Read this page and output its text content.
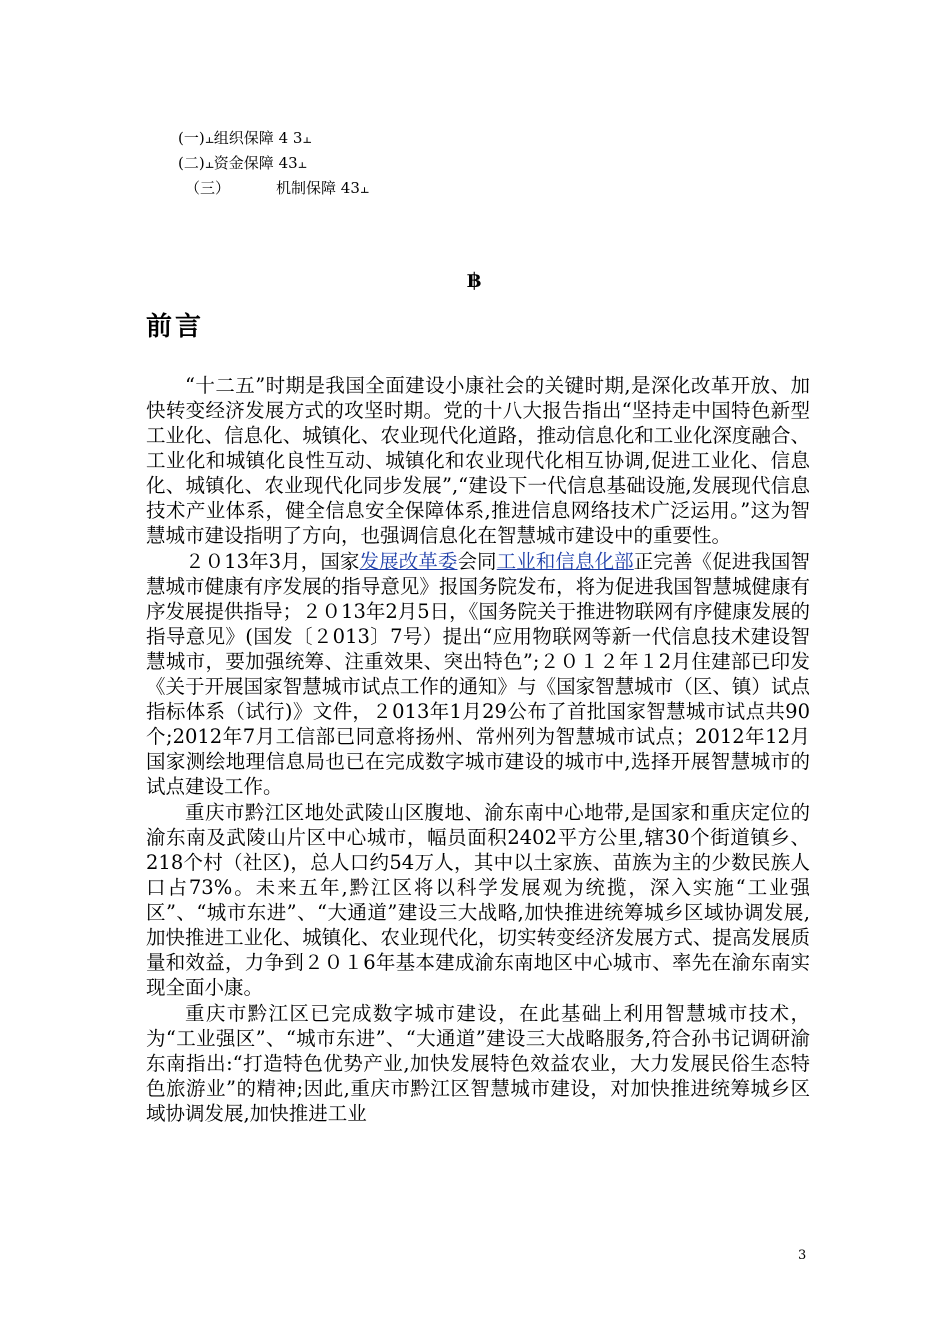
(一)⫠组织保障 4 3⫠
(二)⫠资金保障 43⫠
（三）	机制保障 43⫠
฿
前言

“十二五”时期是我国全面建设小康社会的关键时期,是深化改革开放、加快转变经济发展方式的攻坚时期。党的十八大报告指出“坚持走中国特色新型工业化、信息化、城镇化、农业现代化道路，推动信息化和工业化深度融合、工业化和城镇化良性互动、城镇化和农业现代化相互协调,促进工业化、信息化、城镇化、农业现代化同步发展”,“建设下一代信息基础设施,发展现代信息技术产业体系，健全信息安全保障体系,推进信息网络技术广泛运用。”这为智慧城市建设指明了方向，也强调信息化在智慧城市建设中的重要性。

２０13年3月，国家发展改革委会同工业和信息化部正完善《促进我国智慧城市健康有序发展的指导意见》报国务院发布，将为促进我国智慧城健康有序发展提供指导；２０13年2月5日，《国务院关于推进物联网有序健康发展的指导意见》(国发〔２013〕7号）提出“应用物联网等新一代信息技术建设智慧城市，要加强统筹、注重效果、突出特色”;２０１２年１2月住建部已印发《关于开展国家智慧城市试点工作的通知》与《国家智慧城市（区、镇）试点指标体系（试行)》文件，２013年1月29公布了首批国家智慧城市试点共90个;2012年7月工信部已同意将扬州、常州列为智慧城市试点；2012年12月国家测绘地理信息局也已在完成数字城市建设的城市中,选择开展智慧城市的试点建设工作。

重庆市黔江区地处武陵山区腹地、渝东南中心地带,是国家和重庆定位的渝东南及武陵山片区中心城市，幅员面积2402平方公里,辖30个街道镇乡、218个村（社区)，总人口约54万人，其中以土家族、苗族为主的少数民族人口占73%。未来五年,黔江区将以科学发展观为统揽，深入实施“工业强区”、“城市东进”、“大通道”建设三大战略,加快推进统筹城乡区域协调发展,加快推进工业化、城镇化、农业现代化，切实转变经济发展方式、提高发展质量和效益，力争到２０１6年基本建成渝东南地区中心城市、率先在渝东南实现全面小康。

重庆市黔江区已完成数字城市建设，在此基础上利用智慧城市技术，为“工业强区”、“城市东进”、“大通道”建设三大战略服务,符合孙书记调研渝东南指出:“打造特色优势产业,加快发展特色效益农业，大力发展民俗生态特色旅游业”的精神;因此,重庆市黔江区智慧城市建设，对加快推进统筹城乡区域协调发展,加快推进工业

3
